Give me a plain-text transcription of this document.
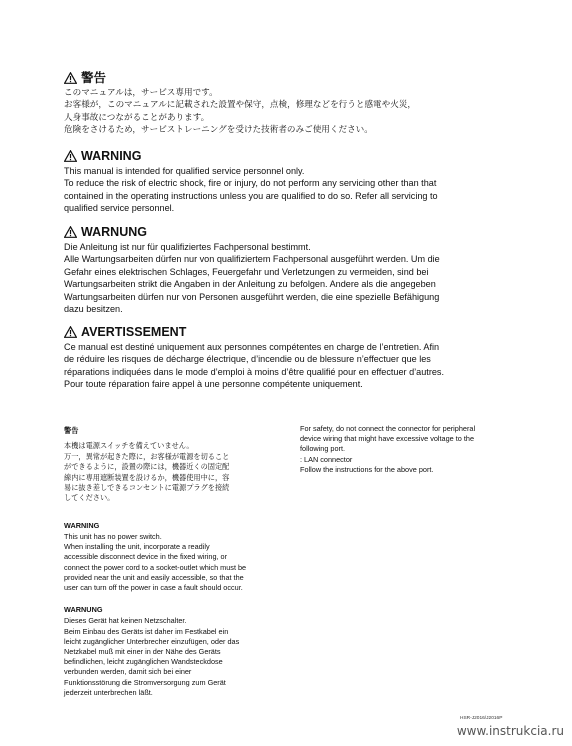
警告

このマニュアルは，サービス専用です。

お客様が，このマニュアルに記載された設置や保守，点検，修理などを行うと感電や火災，

人身事故につながることがあります。

危険をさけるため，サービストレーニングを受けた技術者のみご使用ください。

WARNING

This manual is intended for qualified service personnel only.

To reduce the risk of electric shock, fire or injury, do not perform any servicing other than that

contained in the operating instructions unless you are qualified to do so. Refer all servicing to

qualified service personnel.

WARNUNG

Die Anleitung ist nur für qualifiziertes Fachpersonal bestimmt.

Alle Wartungsarbeiten dürfen nur von qualifiziertem Fachpersonal ausgeführt werden. Um die

Gefahr eines elektrischen Schlages, Feuergefahr und Verletzungen zu vermeiden, sind bei

Wartungsarbeiten strikt die Angaben in der Anleitung zu befolgen. Andere als die angegeben

Wartungsarbeiten dürfen nur von Personen ausgeführt werden, die eine spezielle Befähigung

dazu besitzen.

AVERTISSEMENT

Ce manual est destiné uniquement aux personnes compétentes en charge de l’entretien. Afin

de réduire les risques de décharge électrique, d’incendie ou de blessure n’effectuer que les

réparations indiquées dans le mode d’emploi à moins d’être qualifié pour en effectuer d’autres.

Pour toute réparation faire appel à une personne compétente uniquement.

警告

本機は電源スイッチを備えていません。

万一，異常が起きた際に，お客様が電源を切ること

ができるように，設置の際には，機器近くの固定配

線内に専用遮断装置を設けるか，機器使用中に，容

易に抜き差しできるコンセントに電源プラグを接続

してください。

WARNING

This unit has no power switch.

When installing the unit, incorporate a readily

accessible disconnect device in the fixed wiring, or

connect the power cord to a socket-outlet which must be

provided near the unit and easily accessible, so that the

user can turn off the power in case a fault should occur.

WARNUNG

Dieses Gerät hat keinen Netzschalter.

Beim Einbau des Geräts ist daher im Festkabel ein

leicht zugänglicher Unterbrecher einzufügen, oder das

Netzkabel muß mit einer in der Nähe des Geräts

befindlichen, leicht zugänglichen Wandsteckdose

verbunden werden, damit sich bei einer

Funktionsstörung die Stromversorgung zum Gerät

jederzeit unterbrechen läßt.

For safety, do not connect the connector for peripheral

device wiring that might have excessive voltage to the

following port.

: LAN connector

Follow the instructions for the above port.

HSR-J2016/J2016P
www.instrukcia.ru
